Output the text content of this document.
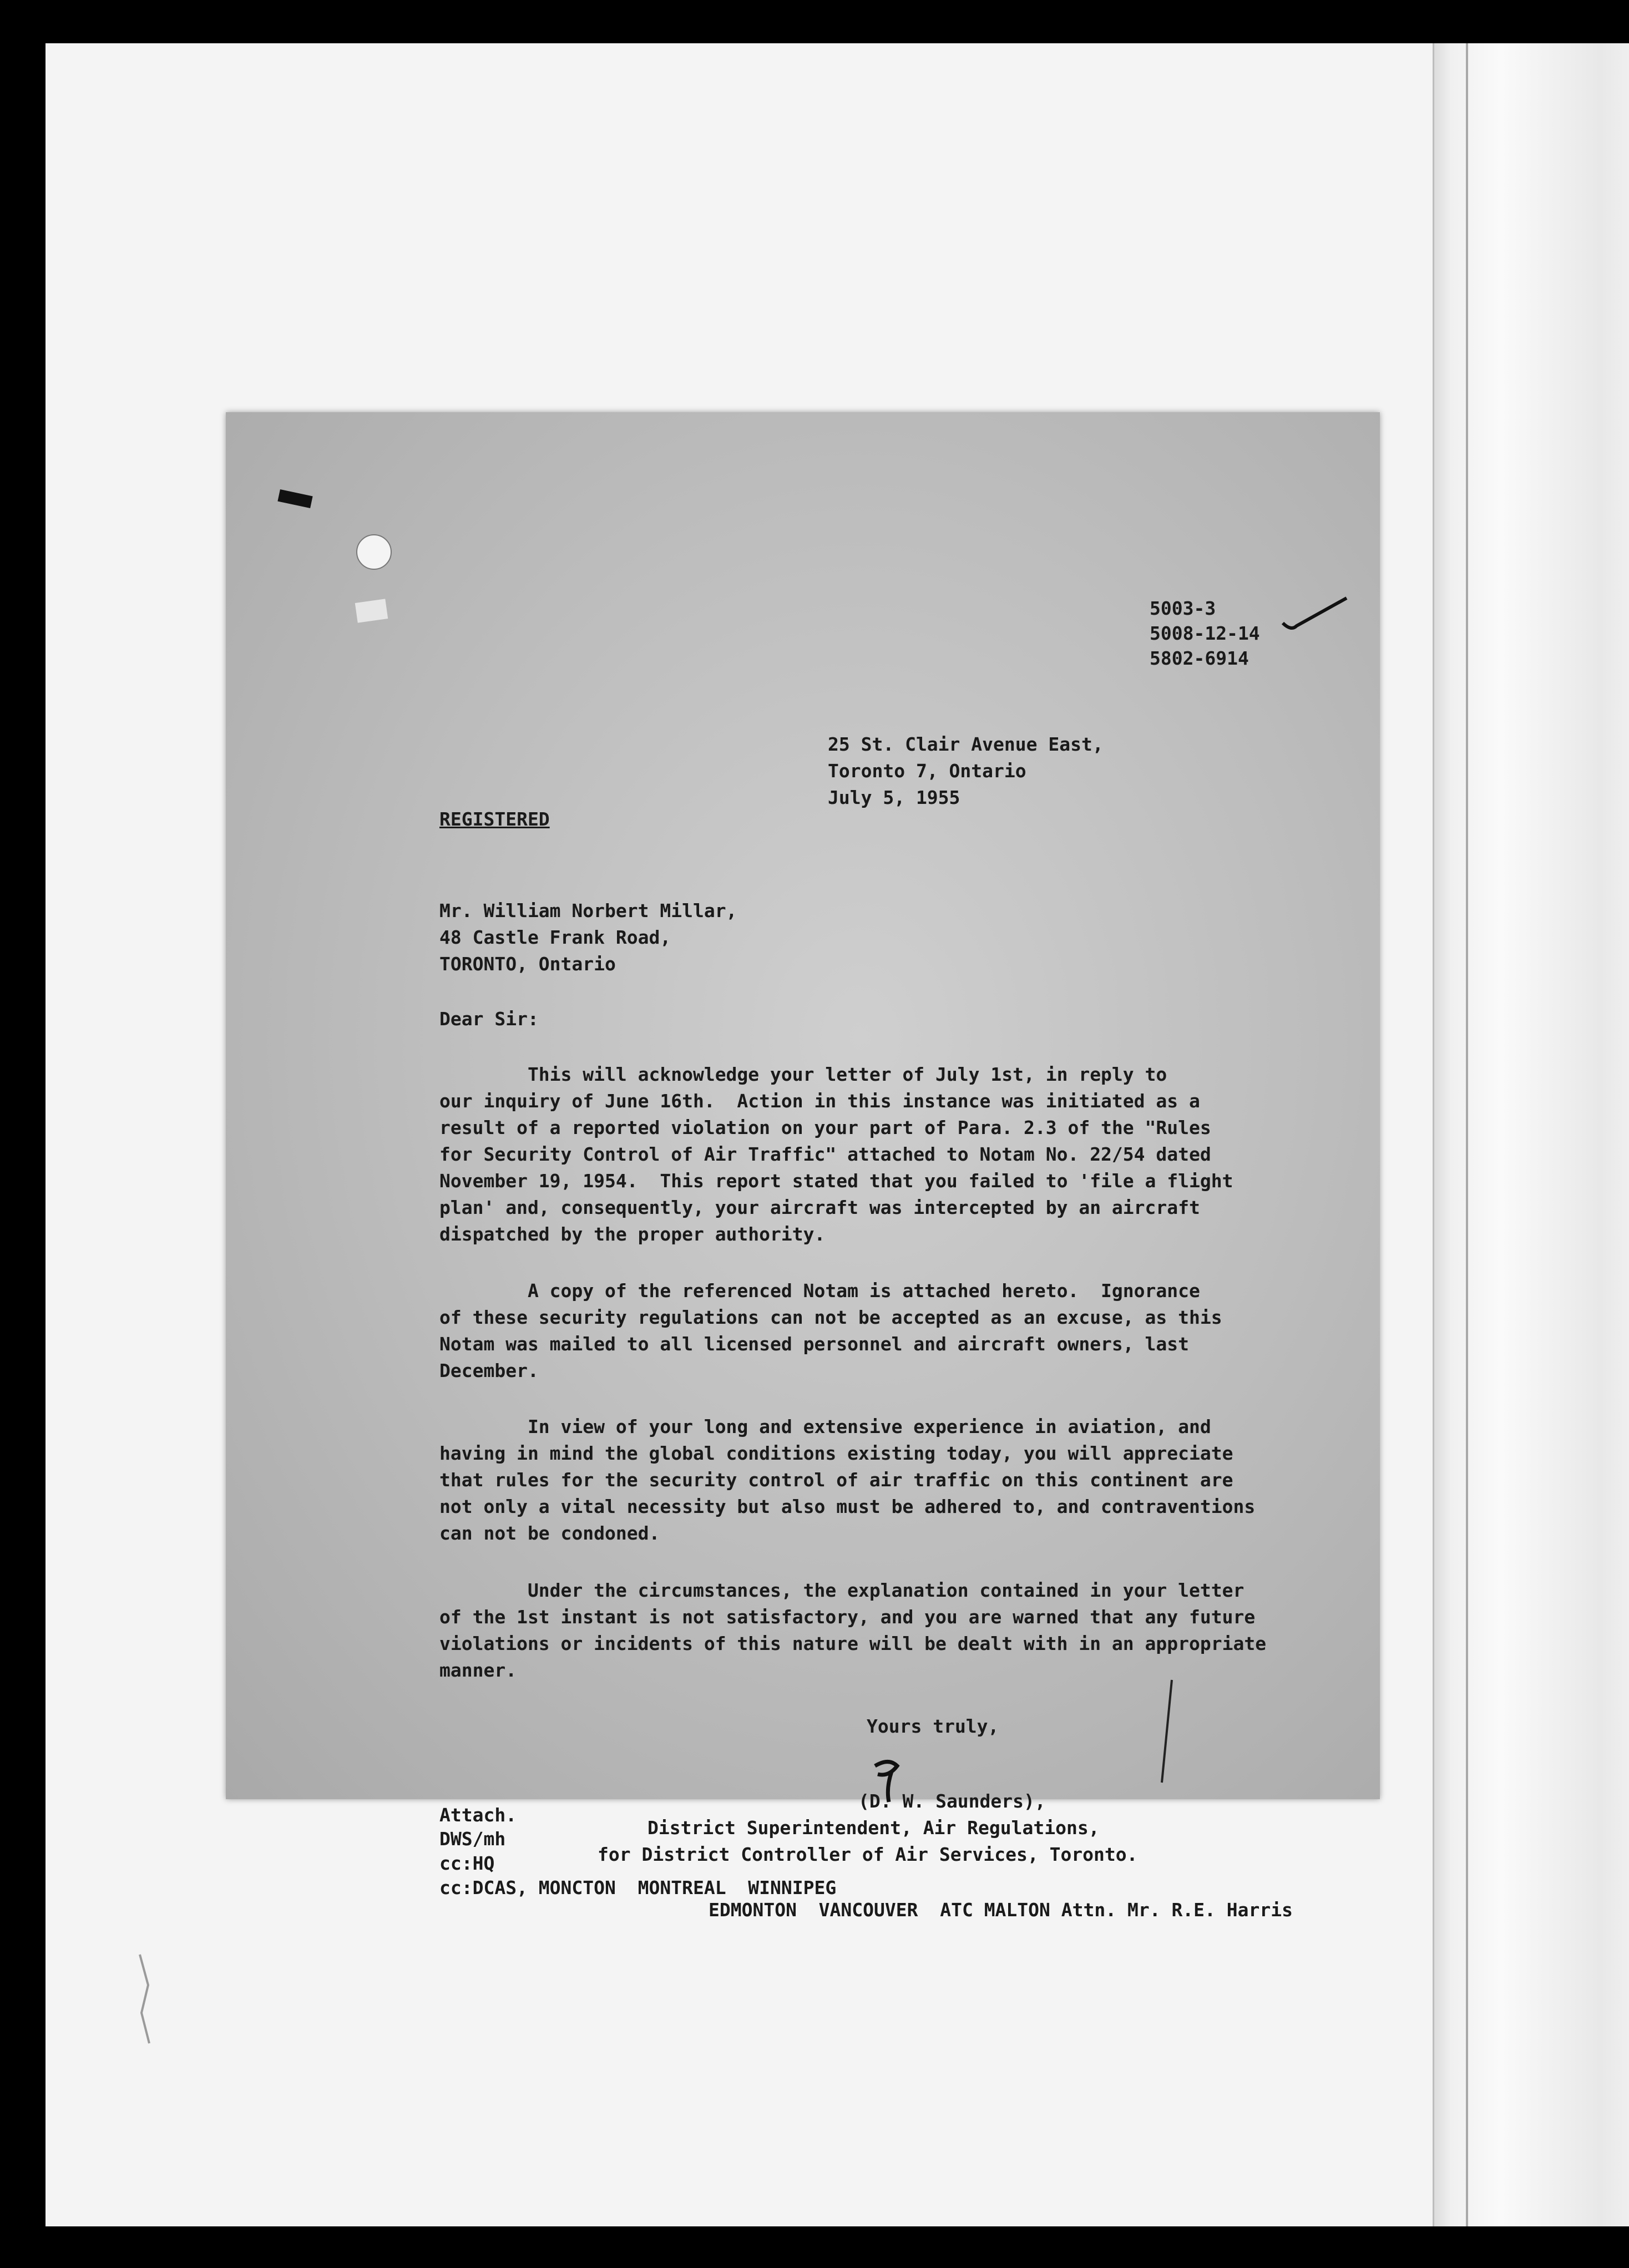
5003-3
5008-12-14
5802-6914
25 St. Clair Avenue East,
Toronto 7, Ontario
July 5, 1955
REGISTERED
Mr. William Norbert Millar,
48 Castle Frank Road,
TORONTO, Ontario
Dear Sir:
This will acknowledge your letter of July 1st, in reply to
our inquiry of June 16th.  Action in this instance was initiated as a
result of a reported violation on your part of Para. 2.3 of the "Rules
for Security Control of Air Traffic" attached to Notam No. 22/54 dated
November 19, 1954.  This report stated that you failed to 'file a flight
plan' and, consequently, your aircraft was intercepted by an aircraft
dispatched by the proper authority.
A copy of the referenced Notam is attached hereto.  Ignorance
of these security regulations can not be accepted as an excuse, as this
Notam was mailed to all licensed personnel and aircraft owners, last
December.
In view of your long and extensive experience in aviation, and
having in mind the global conditions existing today, you will appreciate
that rules for the security control of air traffic on this continent are
not only a vital necessity but also must be adhered to, and contraventions
can not be condoned.
Under the circumstances, the explanation contained in your letter
of the 1st instant is not satisfactory, and you are warned that any future
violations or incidents of this nature will be dealt with in an appropriate
manner.
Yours truly,
(D. W. Saunders),
District Superintendent, Air Regulations,
for District Controller of Air Services, Toronto.
Attach.
DWS/mh
cc:HQ
cc:DCAS, MONCTON  MONTREAL  WINNIPEG
EDMONTON  VANCOUVER  ATC MALTON Attn. Mr. R.E. Harris
